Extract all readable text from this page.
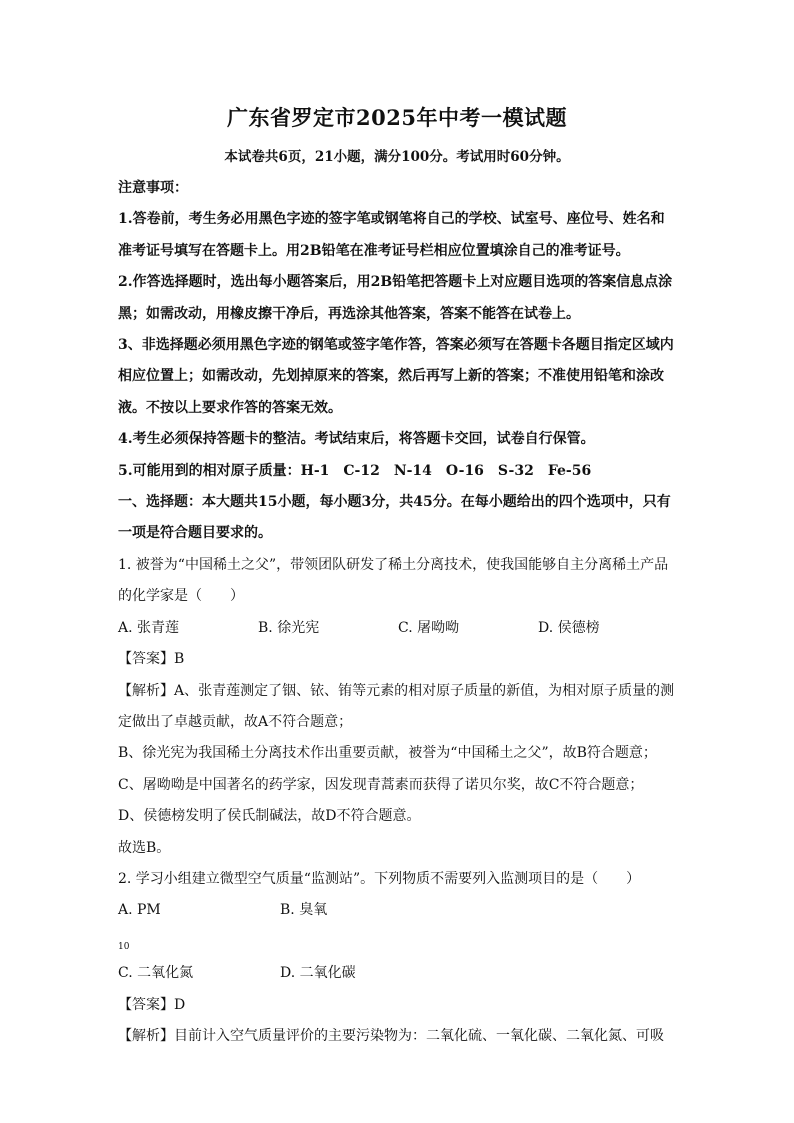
广东省罗定市2025年中考一模试题
本试卷共6页，21小题，满分100分。考试用时60分钟。

注意事项：

1.答卷前，考生务必用黑色字迹的签字笔或钢笔将自己的学校、试室号、座位号、姓名和准考证号填写在答题卡上。用2B铅笔在准考证号栏相应位置填涂自己的准考证号。

2.作答选择题时，选出每小题答案后，用2B铅笔把答题卡上对应题目选项的答案信息点涂黑；如需改动，用橡皮擦干净后，再选涂其他答案，答案不能答在试卷上。

3、非选择题必须用黑色字迹的钢笔或签字笔作答，答案必须写在答题卡各题目指定区域内相应位置上；如需改动，先划掉原来的答案，然后再写上新的答案；不准使用铅笔和涂改液。不按以上要求作答的答案无效。

4.考生必须保持答题卡的整洁。考试结束后，将答题卡交回，试卷自行保管。

5.可能用到的相对原子质量：H-1　C-12　N-14　O-16　S-32　Fe-56

一、选择题：本大题共15小题，每小题3分，共45分。在每小题给出的四个选项中，只有一项是符合题目要求的。

1. 被誉为“中国稀土之父”，带领团队研发了稀土分离技术，使我国能够自主分离稀土产品的化学家是（　　）

A. 张青莲	B. 徐光宪	C. 屠呦呦	D. 侯德榜

【答案】B

【解析】A、张青莲测定了铟、铱、铕等元素的相对原子质量的新值，为相对原子质量的测定做出了卓越贡献，故A不符合题意；

B、徐光宪为我国稀土分离技术作出重要贡献，被誉为“中国稀土之父”，故B符合题意；

C、屠呦呦是中国著名的药学家，因发现青蒿素而获得了诺贝尔奖，故C不符合题意；

D、侯德榜发明了侯氏制碱法，故D不符合题意。

故选B。

2. 学习小组建立微型空气质量“监测站”。下列物质不需要列入监测项目的是（　　）

A. $PM_{10}$
B. 臭氧
C. 二氧化氮	D. 二氧化碳

【答案】D

【解析】目前计入空气质量评价的主要污染物为：二氧化硫、一氧化碳、二氧化氮、可吸
